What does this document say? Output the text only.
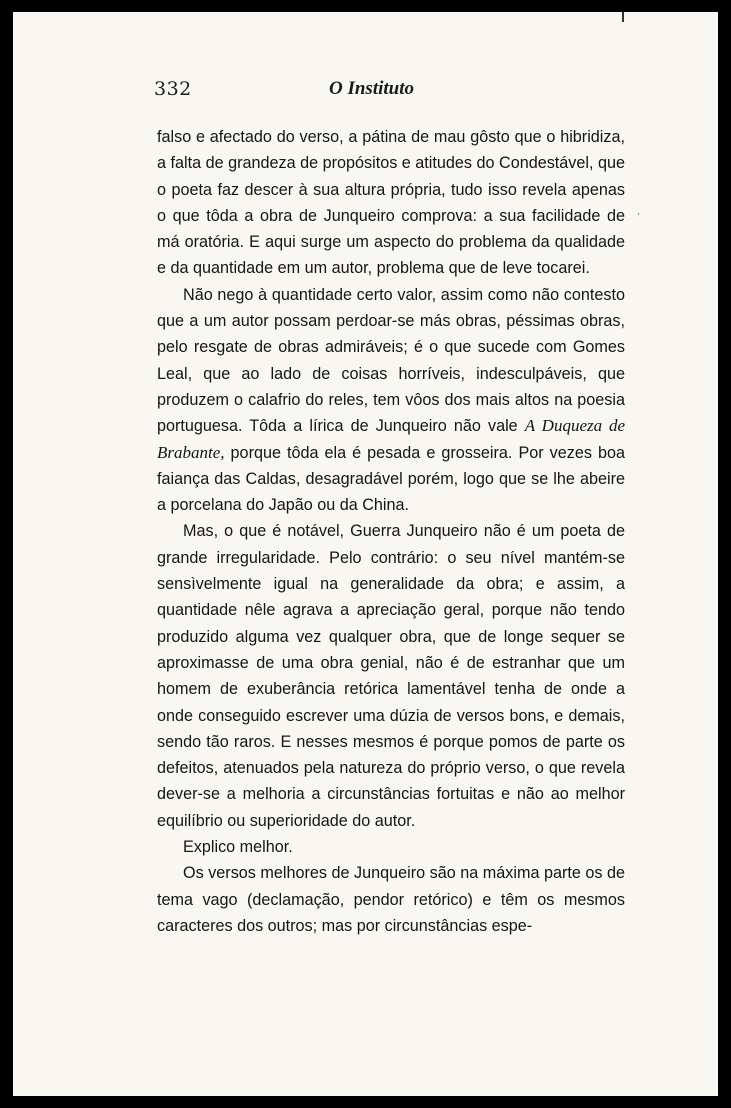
332	O Instituto
˙

falso e afectado do verso, a pátina de mau gôsto que o hibridiza, a falta de grandeza de propósitos e atitudes do Condestável, que o poeta faz descer à sua altura própria, tudo isso revela apenas o que tôda a obra de Junqueiro comprova: a sua facilidade de má oratória. E aqui surge um aspecto do problema da qualidade e da quantidade em um autor, problema que de leve tocarei.

Não nego à quantidade certo valor, assim como não contesto que a um autor possam perdoar-se más obras, péssimas obras, pelo resgate de obras admiráveis; é o que sucede com Gomes Leal, que ao lado de coisas horríveis, indesculpáveis, que produzem o calafrio do reles, tem vôos dos mais altos na poesia portuguesa. Tôda a lírica de Junqueiro não vale A Duqueza de Brabante, porque tôda ela é pesada e grosseira. Por vezes boa faiança das Caldas, desagradável porém, logo que se lhe abeire a porcelana do Japão ou da China.

Mas, o que é notável, Guerra Junqueiro não é um poeta de grande irregularidade. Pelo contrário: o seu nível mantém-se sensìvelmente igual na generalidade da obra; e assim, a quantidade nêle agrava a apreciação geral, porque não tendo produzido alguma vez qualquer obra, que de longe sequer se aproximasse de uma obra genial, não é de estranhar que um homem de exuberância retórica lamentável tenha de onde a onde conseguido escrever uma dúzia de versos bons, e demais, sendo tão raros. E nesses mesmos é porque pomos de parte os defeitos, atenuados pela natureza do próprio verso, o que revela dever-se a melhoria a circunstâncias fortuitas e não ao melhor equilíbrio ou superioridade do autor.

Explico melhor.

Os versos melhores de Junqueiro são na máxima parte os de tema vago (declamação, pendor retórico) e têm os mesmos caracteres dos outros; mas por circunstâncias espe-
